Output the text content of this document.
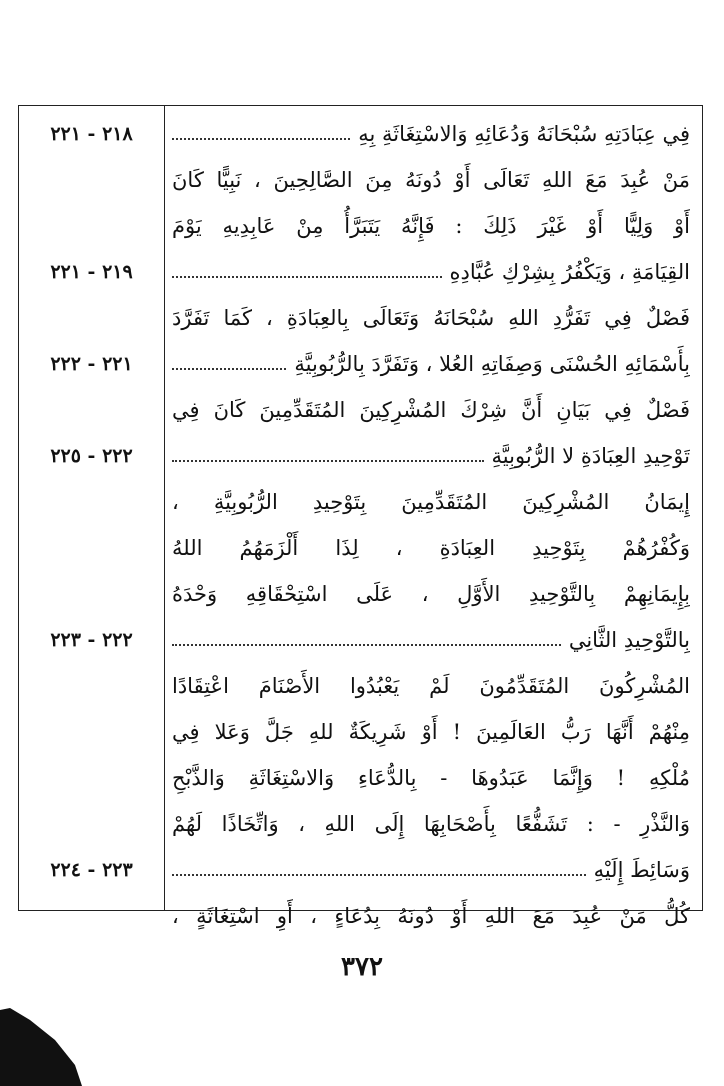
فِي عِبَادَتِهِ سُبْحَانَهُ وَدُعَائِهِ وَالاسْتِغَاثَةِ بِهِ
٢١٨ - ٢٢١
مَنْ عُبِدَ مَعَ اللهِ تَعَالَى أَوْ دُونَهُ مِنَ الصَّالِحِينَ ، نَبِيًّا كَانَ
أَوْ وَلِيًّا أَوْ غَيْرَ ذَلِكَ : فَإِنَّهُ يَتَبَرَّأُ مِنْ عَابِدِيهِ يَوْمَ
القِيَامَةِ ، وَيَكْفُرُ بِشِرْكِ عُبَّادِهِ
٢١٩ - ٢٢١
فَصْلٌ فِي تَفَرُّدِ اللهِ سُبْحَانَهُ وَتَعَالَى بِالعِبَادَةِ ، كَمَا تَفَرَّدَ
بِأَسْمَائِهِ الحُسْنَى وَصِفَاتِهِ العُلا ، وَتَفَرَّدَ بِالرُّبُوبِيَّةِ
٢٢١ - ٢٢٢
فَصْلٌ فِي بَيَانِ أَنَّ شِرْكَ المُشْرِكِينَ المُتَقَدِّمِينَ كَانَ فِي
تَوْحِيدِ العِبَادَةِ لا الرُّبُوبِيَّةِ
٢٢٢ - ٢٢٥
إِيمَانُ المُشْرِكِينَ المُتَقَدِّمِينَ بِتَوْحِيدِ الرُّبُوبِيَّةِ ،
وَكُفْرُهُمْ بِتَوْحِيدِ العِبَادَةِ ، لِذَا أَلْزَمَهُمُ اللهُ
بِإِيمَانِهِمْ بِالتَّوْحِيدِ الأَوَّلِ ، عَلَى اسْتِحْقَاقِهِ وَحْدَهُ
بِالتَّوْحِيدِ الثَّانِي
٢٢٢ - ٢٢٣
المُشْرِكُونَ المُتَقَدِّمُونَ لَمْ يَعْبُدُوا الأَصْنَامَ اعْتِقَادًا
مِنْهُمْ أَنَّهَا رَبُّ العَالَمِينَ ! أَوْ شَرِيكَةٌ للهِ جَلَّ وَعَلا فِي
مُلْكِهِ ! وَإِنَّمَا عَبَدُوهَا - بِالدُّعَاءِ وَالاسْتِغَاثَةِ وَالذَّبْحِ
وَالنَّذْرِ - : تَشَفُّعًا بِأَصْحَابِهَا إِلَى اللهِ ، وَاتِّخَاذًا لَهُمْ
وَسَائِطَ إِلَيْهِ
٢٢٣ - ٢٢٤
كُلُّ مَنْ عُبِدَ مَعَ اللهِ أَوْ دُونَهُ بِدُعَاءٍ ، أَوِ اسْتِغَاثَةٍ ،
٣٧٢
